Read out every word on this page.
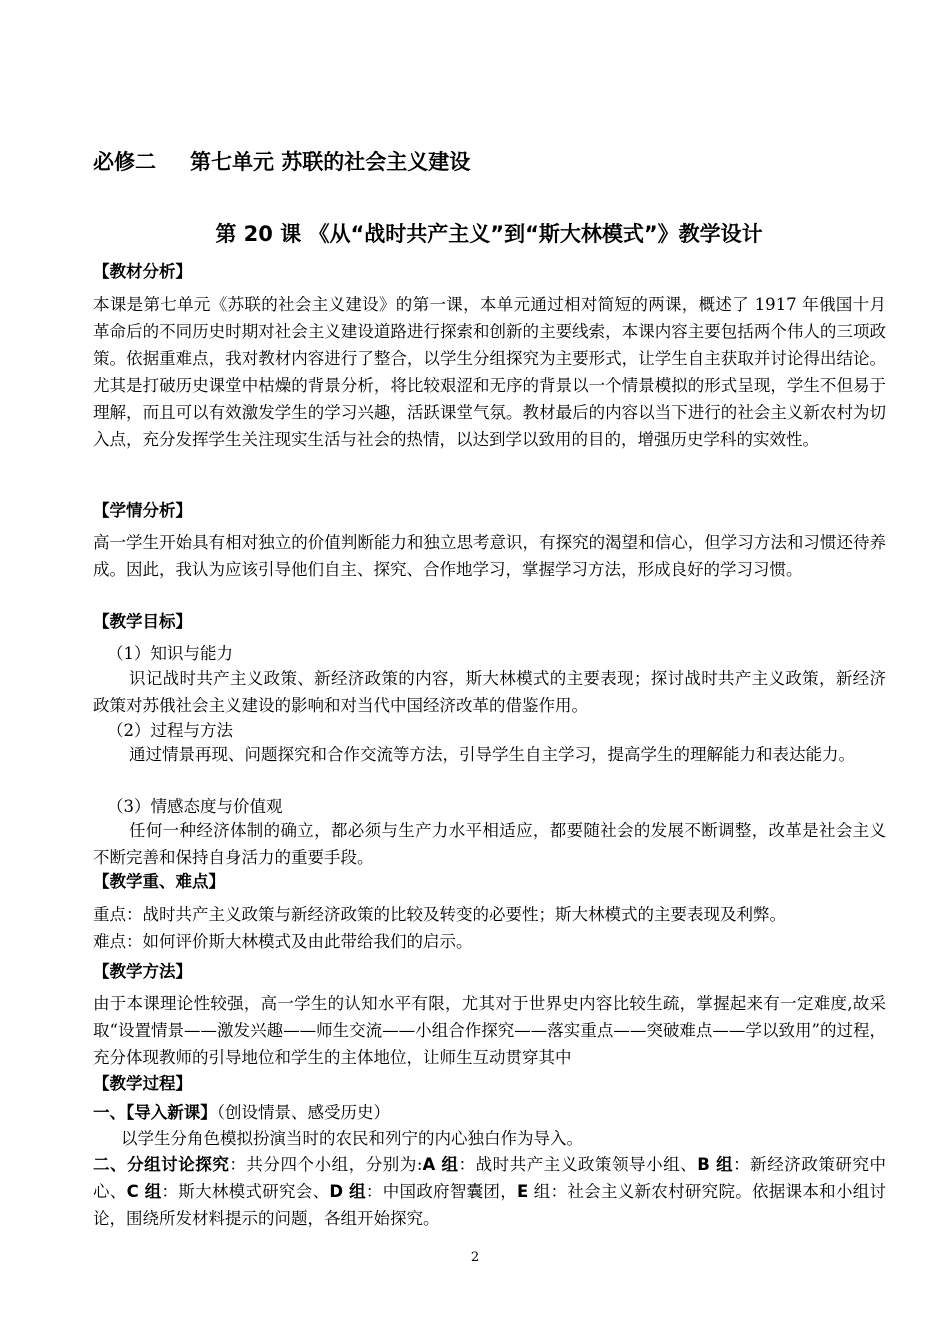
必修二 第七单元 苏联的社会主义建设
第 20 课 《从“战时共产主义”到“斯大林模式”》教学设计
【教材分析】
本课是第七单元《苏联的社会主义建设》的第一课，本单元通过相对简短的两课，概述了 1917 年俄国十月革命后的不同历史时期对社会主义建设道路进行探索和创新的主要线索，本课内容主要包括两个伟人的三项政策。依据重难点，我对教材内容进行了整合，以学生分组探究为主要形式，让学生自主获取并讨论得出结论。尤其是打破历史课堂中枯燥的背景分析，将比较艰涩和无序的背景以一个情景模拟的形式呈现，学生不但易于理解，而且可以有效激发学生的学习兴趣，活跃课堂气氛。教材最后的内容以当下进行的社会主义新农村为切入点，充分发挥学生关注现实生活与社会的热情，以达到学以致用的目的，增强历史学科的实效性。
【学情分析】
高一学生开始具有相对独立的价值判断能力和独立思考意识，有探究的渴望和信心，但学习方法和习惯还待养成。因此，我认为应该引导他们自主、探究、合作地学习，掌握学习方法，形成良好的学习习惯。
【教学目标】
（1）知识与能力
识记战时共产主义政策、新经济政策的内容，斯大林模式的主要表现；探讨战时共产主义政策，新经济政策对苏俄社会主义建设的影响和对当代中国经济改革的借鉴作用。
（2）过程与方法
通过情景再现、问题探究和合作交流等方法，引导学生自主学习，提高学生的理解能力和表达能力。
（3）情感态度与价值观
任何一种经济体制的确立，都必须与生产力水平相适应，都要随社会的发展不断调整，改革是社会主义不断完善和保持自身活力的重要手段。
【教学重、难点】
重点：战时共产主义政策与新经济政策的比较及转变的必要性；斯大林模式的主要表现及利弊。
难点：如何评价斯大林模式及由此带给我们的启示。
【教学方法】
由于本课理论性较强，高一学生的认知水平有限，尤其对于世界史内容比较生疏，掌握起来有一定难度,故采取“设置情景——激发兴趣——师生交流——小组合作探究——落实重点——突破难点——学以致用”的过程，充分体现教师的引导地位和学生的主体地位，让师生互动贯穿其中
【教学过程】
一、【导入新课】（创设情景、感受历史）
以学生分角色模拟扮演当时的农民和列宁的内心独白作为导入。
二、分组讨论探究：共分四个小组，分别为:A 组：战时共产主义政策领导小组、B 组：新经济政策研究中心、C 组：斯大林模式研究会、D 组：中国政府智囊团，E 组：社会主义新农村研究院。依据课本和小组讨论，围绕所发材料提示的问题，各组开始探究。
2
